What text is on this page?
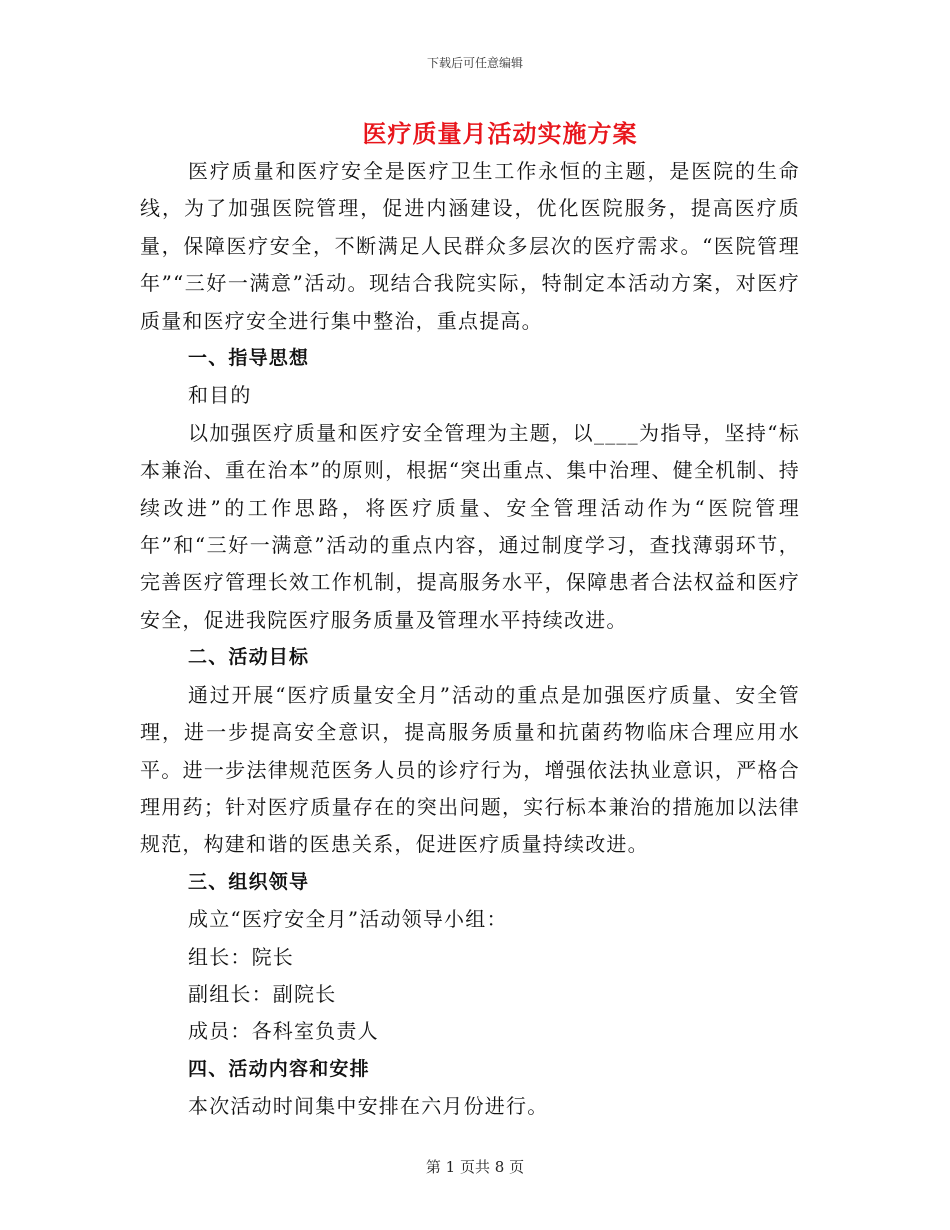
下载后可任意编辑
医疗质量月活动实施方案

医疗质量和医疗安全是医疗卫生工作永恒的主题，是医院的生命线，为了加强医院管理，促进内涵建设，优化医院服务，提高医疗质量，保障医疗安全，不断满足人民群众多层次的医疗需求。“医院管理年”“三好一满意”活动。现结合我院实际，特制定本活动方案，对医疗质量和医疗安全进行集中整治，重点提高。

一、指导思想

和目的

以加强医疗质量和医疗安全管理为主题，以____为指导，坚持“标本兼治、重在治本”的原则，根据“突出重点、集中治理、健全机制、持续改进”的工作思路，将医疗质量、安全管理活动作为“医院管理年”和“三好一满意”活动的重点内容，通过制度学习，查找薄弱环节，完善医疗管理长效工作机制，提高服务水平，保障患者合法权益和医疗安全，促进我院医疗服务质量及管理水平持续改进。

二、活动目标

通过开展“医疗质量安全月”活动的重点是加强医疗质量、安全管理，进一步提高安全意识，提高服务质量和抗菌药物临床合理应用水平。进一步法律规范医务人员的诊疗行为，增强依法执业意识，严格合理用药；针对医疗质量存在的突出问题，实行标本兼治的措施加以法律规范，构建和谐的医患关系，促进医疗质量持续改进。

三、组织领导

成立“医疗安全月”活动领导小组：

组长：院长

副组长：副院长

成员：各科室负责人

四、活动内容和安排

本次活动时间集中安排在六月份进行。

第 1 页共 8 页
